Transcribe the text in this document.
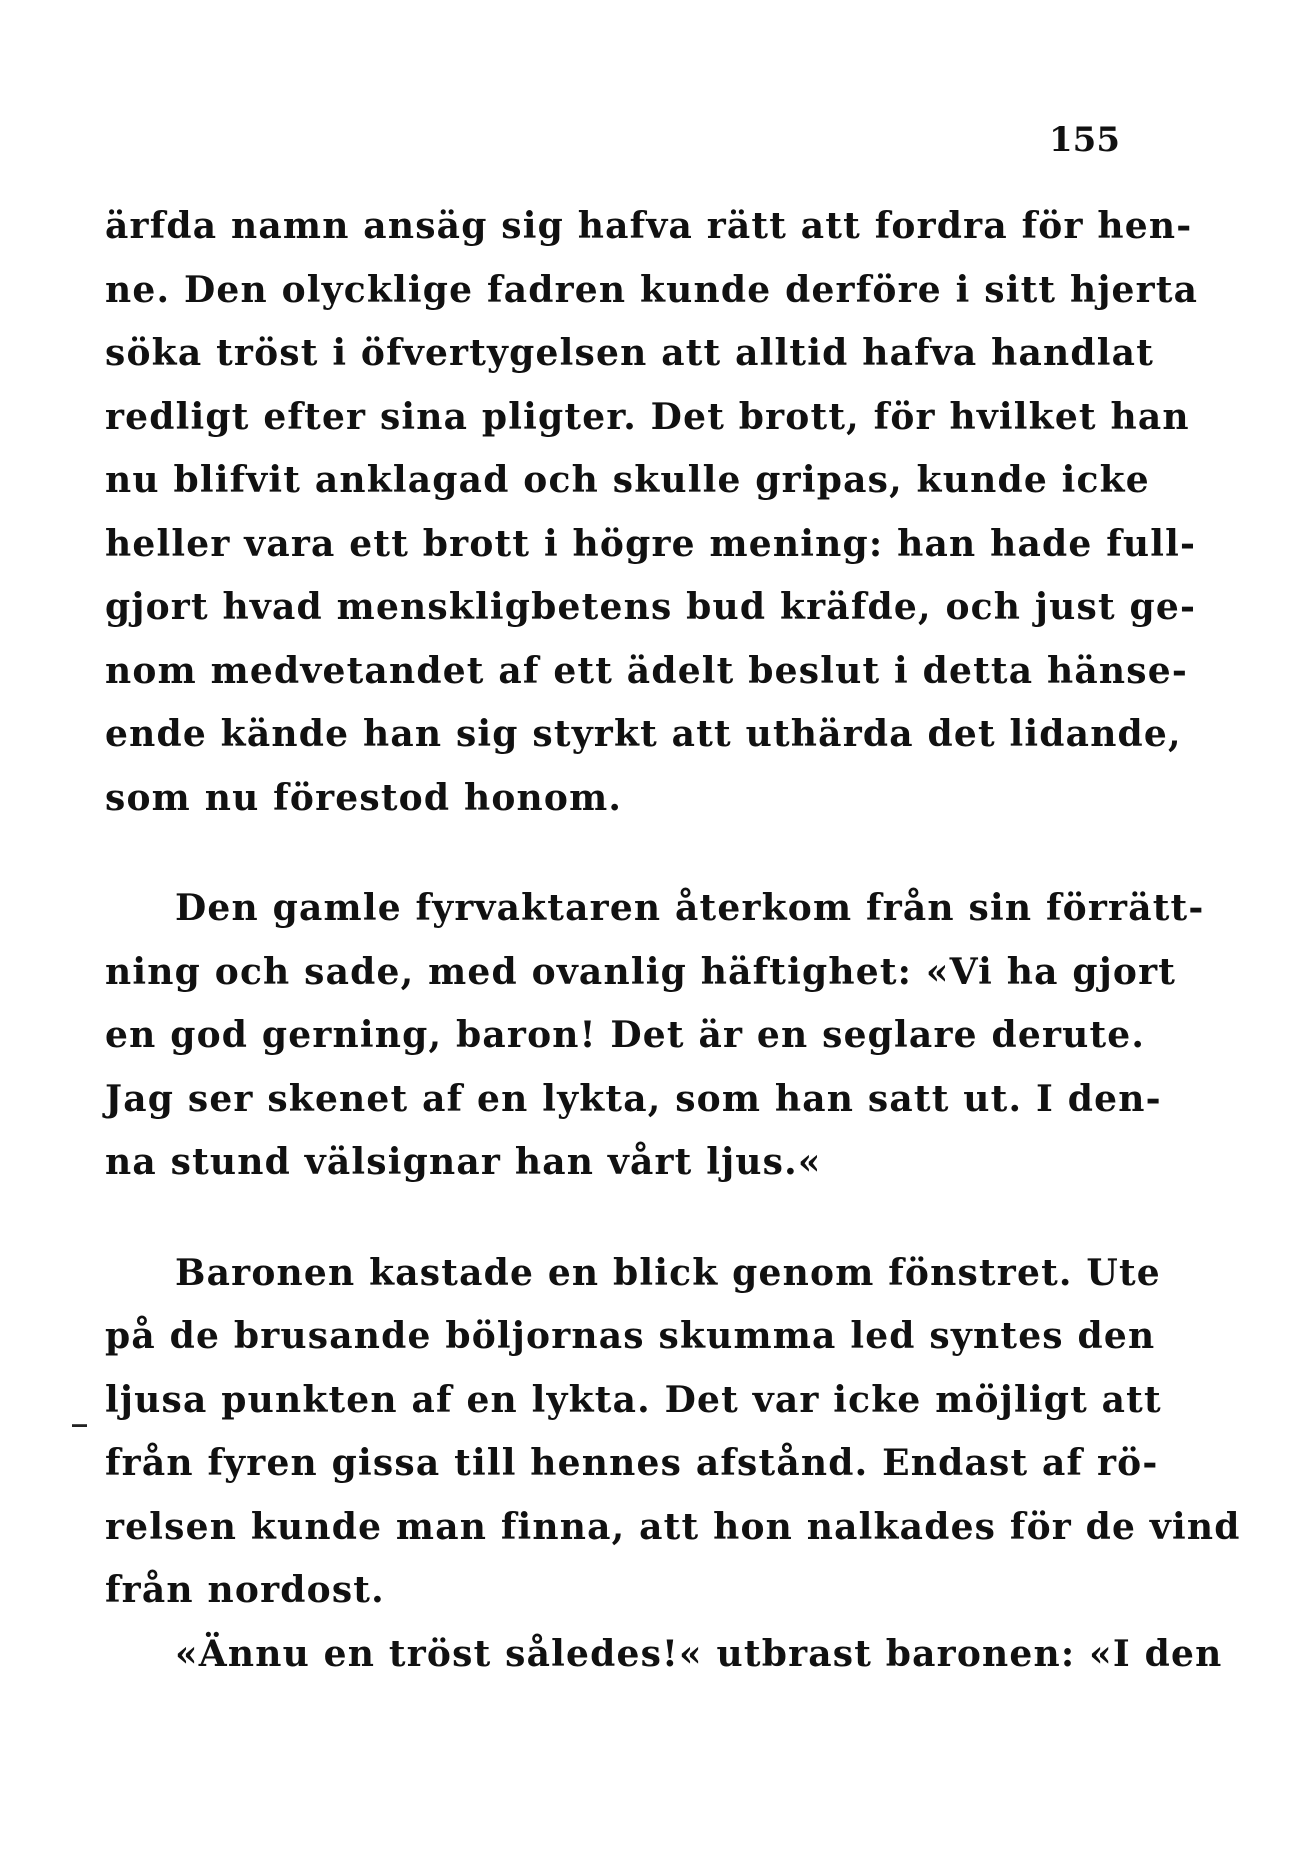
155
ärfda namn ansäg sig hafva rätt att fordra för hen-
ne. Den olycklige fadren kunde derföre i sitt hjerta
söka tröst i öfvertygelsen att alltid hafva handlat
redligt efter sina pligter. Det brott, för hvilket han
nu blifvit anklagad och skulle gripas, kunde icke
heller vara ett brott i högre mening: han hade full-
gjort hvad menskligbetens bud kräfde, och just ge-
nom medvetandet af ett ädelt beslut i detta hänse-
ende kände han sig styrkt att uthärda det lidande,
som nu förestod honom.
Den gamle fyrvaktaren återkom från sin förrätt-
ning och sade, med ovanlig häftighet: «Vi ha gjort
en god gerning, baron! Det är en seglare derute.
Jag ser skenet af en lykta, som han satt ut. I den-
na stund välsignar han vårt ljus.«
Baronen kastade en blick genom fönstret. Ute
på de brusande böljornas skumma led syntes den
ljusa punkten af en lykta. Det var icke möjligt att
från fyren gissa till hennes afstånd. Endast af rö-
relsen kunde man finna, att hon nalkades för de vind
från nordost.
«Ännu en tröst således!« utbrast baronen: «I den
_
